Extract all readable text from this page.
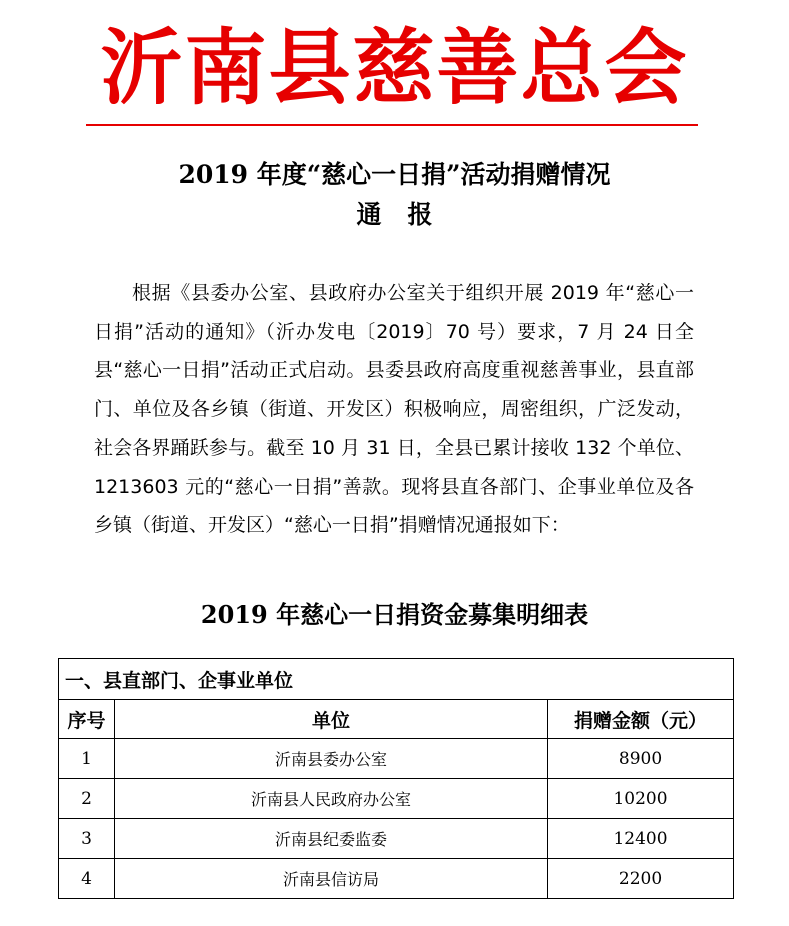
沂南县慈善总会
2019 年度“慈心一日捐”活动捐赠情况
通报

根据《县委办公室、县政府办公室关于组织开展 2019 年“慈心一日捐”活动的通知》（沂办发电〔2019〕70 号）要求，7 月 24 日全县“慈心一日捐”活动正式启动。县委县政府高度重视慈善事业，县直部门、单位及各乡镇（街道、开发区）积极响应，周密组织，广泛发动，社会各界踊跃参与。截至 10 月 31 日，全县已累计接收 132 个单位、1213603 元的“慈心一日捐”善款。现将县直各部门、企事业单位及各乡镇（街道、开发区）“慈心一日捐”捐赠情况通报如下：

2019 年慈心一日捐资金募集明细表
一、县直部门、企事业单位		
序号	单位	捐赠金额（元）
1	沂南县委办公室	8900
2	沂南县人民政府办公室	10200
3	沂南县纪委监委	12400
4	沂南县信访局	2200
